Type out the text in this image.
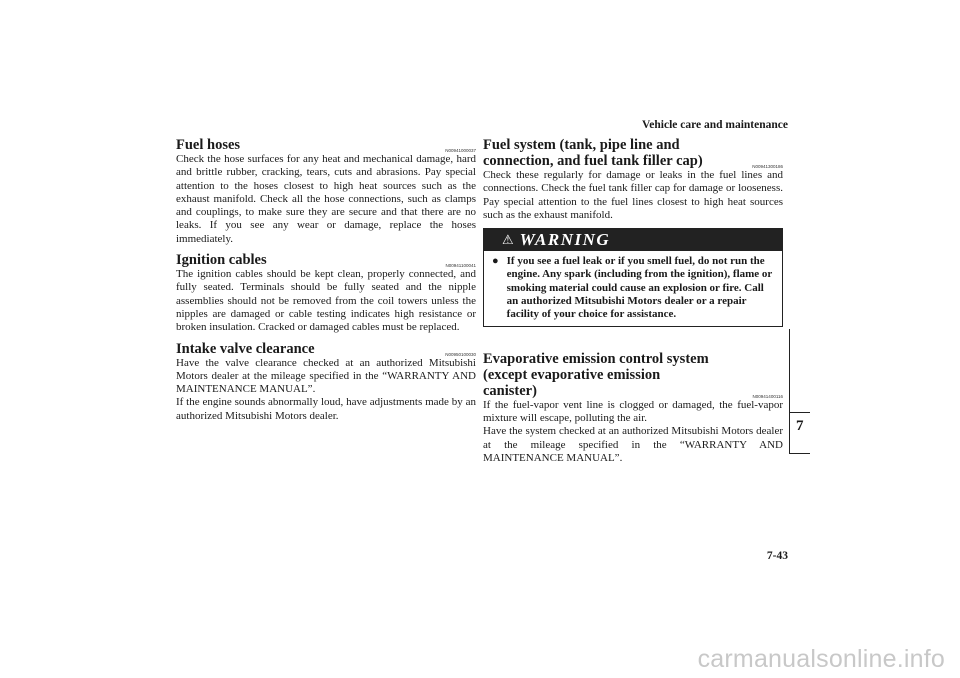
Vehicle care and maintenance
Fuel hoses	N00941000037

Check the hose surfaces for any heat and mechanical damage, hard and brittle rubber, cracking, tears, cuts and abrasions. Pay special attention to the hoses closest to high heat sources such as the exhaust manifold. Check all the hose connections, such as clamps and couplings, to make sure they are secure and that there are no leaks. If you see any wear or damage, replace the hoses immediately.

Ignition cables	N00941100041

The ignition cables should be kept clean, properly connected, and fully seated. Terminals should be fully seated and the nipple assemblies should not be removed from the coil towers unless the nipples are damaged or cable testing indicates high resistance or broken insulation. Cracked or damaged cables must be replaced.

Intake valve clearance	N00950100030

Have the valve clearance checked at an authorized Mitsubishi Motors dealer at the mileage specified in the “WARRANTY AND MAINTENANCE MANUAL”.
If the engine sounds abnormally loud, have adjustments made by an authorized Mitsubishi Motors dealer.

Fuel system (tank, pipe line and connection, and fuel tank filler cap)	N00941300186

Check these regularly for damage or leaks in the fuel lines and connections. Check the fuel tank filler cap for damage or looseness. Pay special attention to the fuel lines closest to high heat sources such as the exhaust manifold.

⚠ WARNING
● If you see a fuel leak or if you smell fuel, do not run the engine. Any spark (including from the ignition), flame or smoking material could cause an explosion or fire. Call an authorized Mitsubishi Motors dealer or a repair facility of your choice for assistance.
Evaporative emission control system (except evaporative emission canister)	N00941400116

If the fuel-vapor vent line is clogged or damaged, the fuel-vapor mixture will escape, polluting the air.
Have the system checked at an authorized Mitsubishi Motors dealer at the mileage specified in the “WARRANTY AND MAINTENANCE MANUAL”.

7
7-43
carmanualsonline.info
